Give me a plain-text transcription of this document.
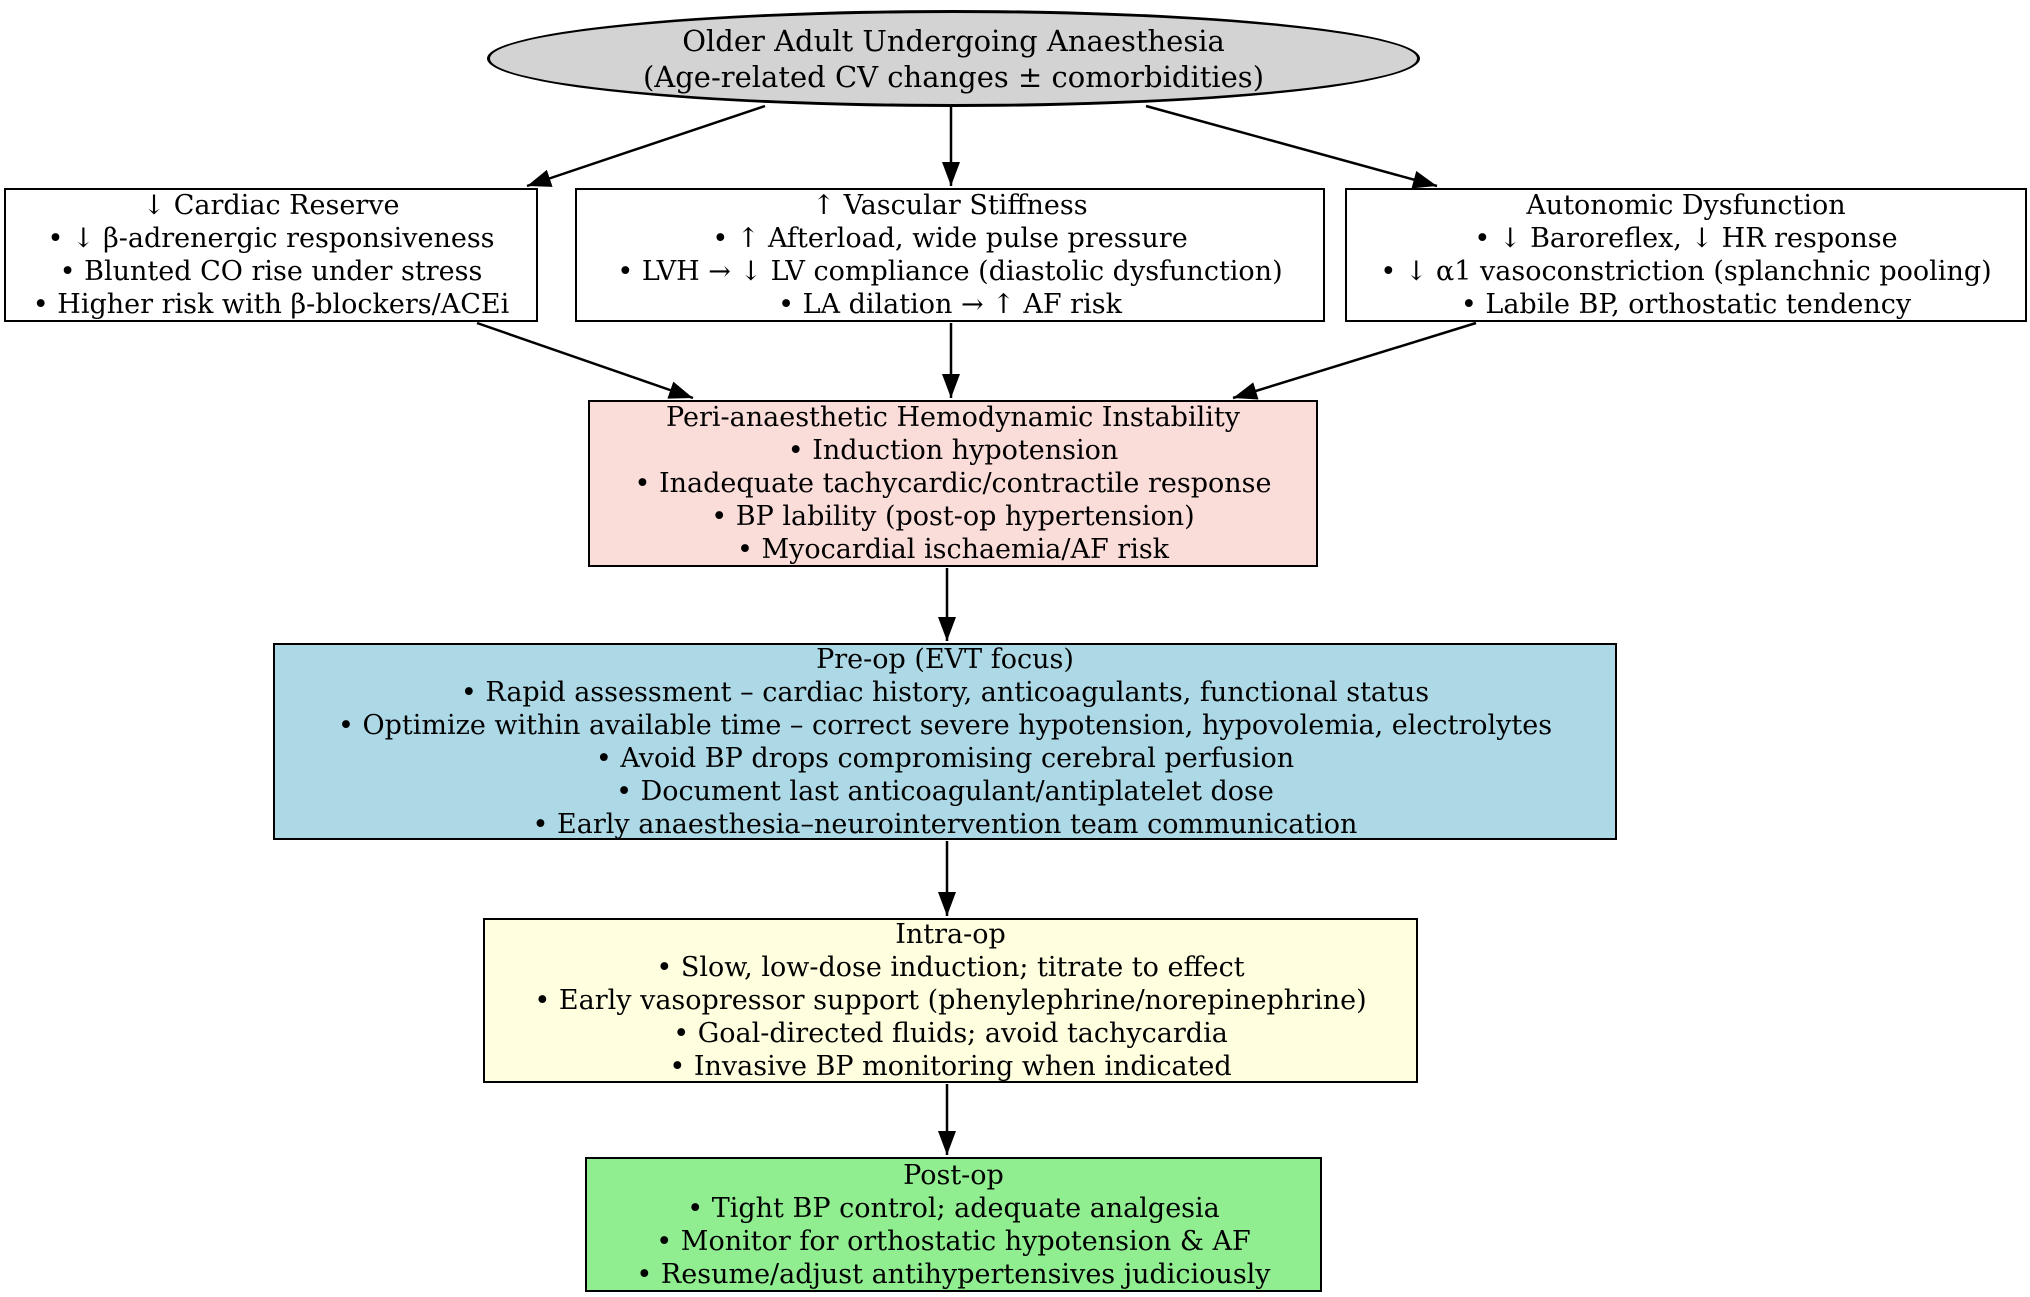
Older Adult Undergoing Anaesthesia
(Age-related CV changes ± comorbidities)
↓ Cardiac Reserve
• ↓ β-adrenergic responsiveness
• Blunted CO rise under stress
• Higher risk with β-blockers/ACEi
↑ Vascular Stiffness
• ↑ Afterload, wide pulse pressure
• LVH → ↓ LV compliance (diastolic dysfunction)
• LA dilation → ↑ AF risk
Autonomic Dysfunction
• ↓ Baroreflex, ↓ HR response
• ↓ α1 vasoconstriction (splanchnic pooling)
• Labile BP, orthostatic tendency
Peri-anaesthetic Hemodynamic Instability
• Induction hypotension
• Inadequate tachycardic/contractile response
• BP lability (post-op hypertension)
• Myocardial ischaemia/AF risk
Pre-op (EVT focus)
• Rapid assessment – cardiac history, anticoagulants, functional status
• Optimize within available time – correct severe hypotension, hypovolemia, electrolytes
• Avoid BP drops compromising cerebral perfusion
• Document last anticoagulant/antiplatelet dose
• Early anaesthesia–neurointervention team communication
Intra-op
• Slow, low-dose induction; titrate to effect
• Early vasopressor support (phenylephrine/norepinephrine)
• Goal-directed fluids; avoid tachycardia
• Invasive BP monitoring when indicated
Post-op
• Tight BP control; adequate analgesia
• Monitor for orthostatic hypotension & AF
• Resume/adjust antihypertensives judiciously
